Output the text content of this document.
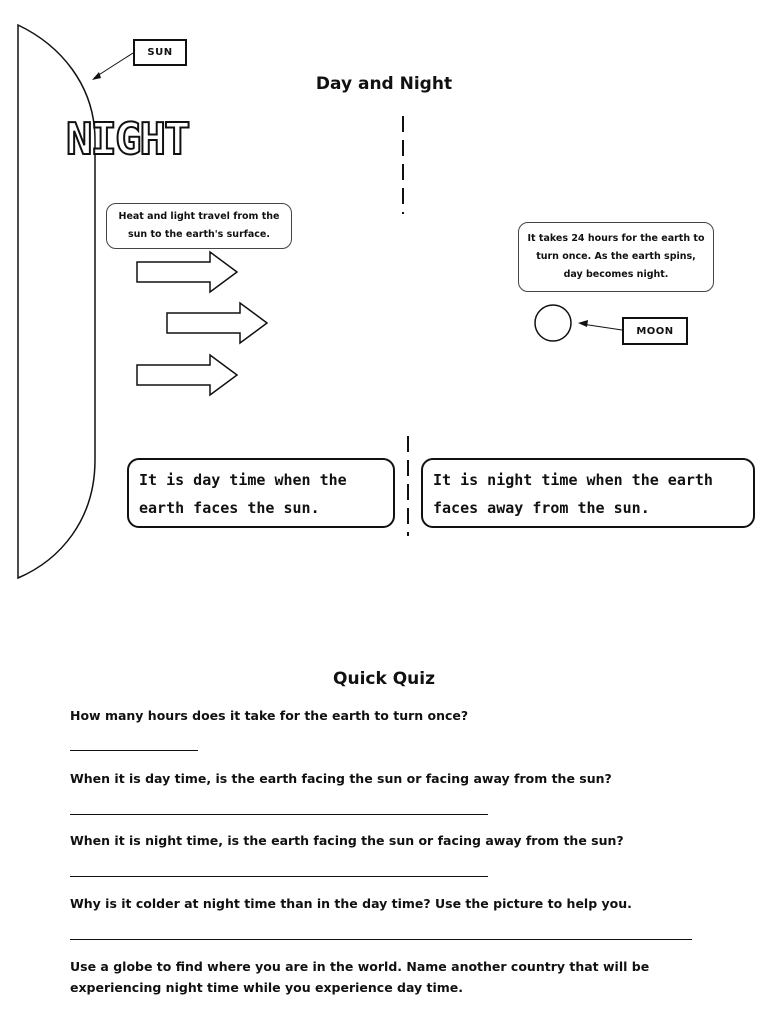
NIGHT
SUN
Day and Night
Heat and light travel from the sun to the earth's surface.	It takes 24 hours for the earth to turn once. As the earth spins, day becomes night.
MOON
It is day time when the earth faces the sun.
It is night time when the earth faces away from the sun.
Quick Quiz
How many hours does it take for the earth to turn once?
When it is day time, is the earth facing the sun or facing away from the sun?
When it is night time, is the earth facing the sun or facing away from the sun?
Why is it colder at night time than in the day time? Use the picture to help you.
Use a globe to find where you are in the world. Name another country that will be experiencing night time while you experience day time.
